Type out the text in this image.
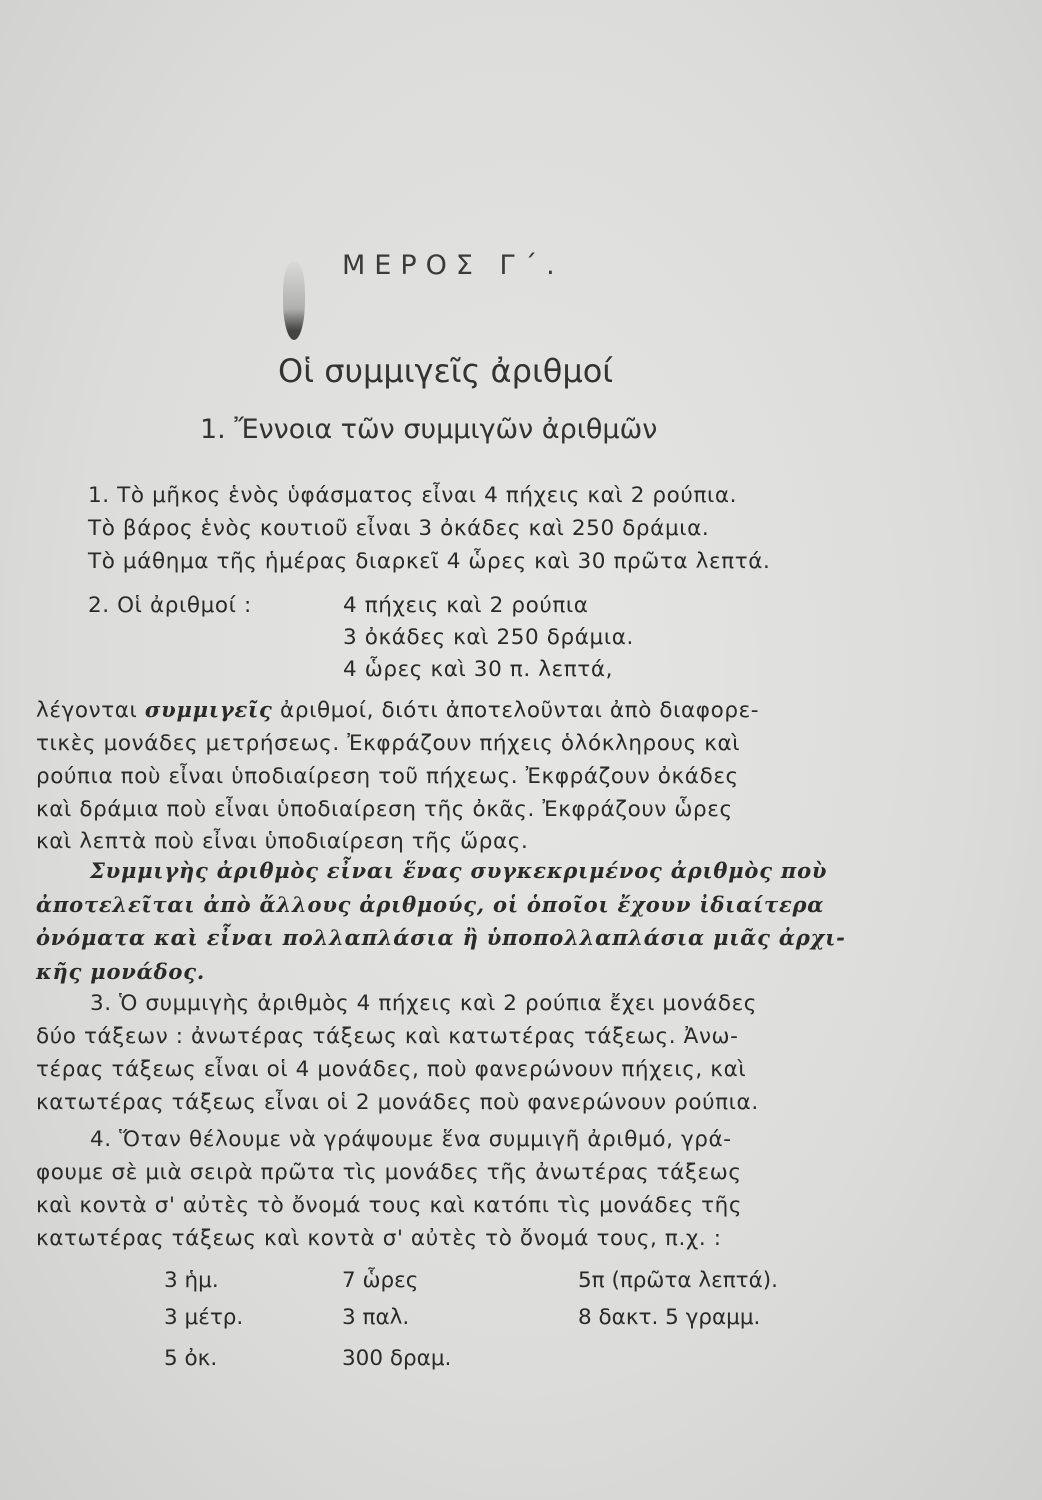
ΜΕΡΟΣ Γ΄.
Οἱ συμμιγεῖς ἀριθμοί
1. Ἔννοια τῶν συμμιγῶν ἀριθμῶν
1. Τὸ μῆκος ἑνὸς ὑφάσματος εἶναι 4 πήχεις καὶ 2 ρούπια.
Τὸ βάρος ἑνὸς κουτιοῦ εἶναι 3 ὀκάδες καὶ 250 δράμια.
Τὸ μάθημα τῆς ἡμέρας διαρκεῖ 4 ὧρες καὶ 30 πρῶτα λεπτά.
2. Οἱ ἀριθμοί :	4 πήχεις καὶ 2 ρούπια
3 ὀκάδες καὶ 250 δράμια.
4 ὧρες καὶ 30 π. λεπτά,
λέγονται συμμιγεῖς ἀριθμοί, διότι ἀποτελοῦνται ἀπὸ διαφορε-
τικὲς μονάδες μετρήσεως. Ἐκφράζουν πήχεις ὁλόκληρους καὶ
ρούπια ποὺ εἶναι ὑποδιαίρεση τοῦ πήχεως. Ἐκφράζουν ὀκάδες
καὶ δράμια ποὺ εἶναι ὑποδιαίρεση τῆς ὀκᾶς. Ἐκφράζουν ὧρες
καὶ λεπτὰ ποὺ εἶναι ὑποδιαίρεση τῆς ὥρας.
Συμμιγὴς ἀριθμὸς εἶναι ἕνας συγκεκριμένος ἀριθμὸς ποὺ
ἀποτελεῖται ἀπὸ ἄλλους ἀριθμούς, οἱ ὁποῖοι ἔχουν ἰδιαίτερα
ὀνόματα καὶ εἶναι πολλαπλάσια ἢ ὑποπολλαπλάσια μιᾶς ἀρχι-
κῆς μονάδος.
3. Ὁ συμμιγὴς ἀριθμὸς 4 πήχεις καὶ 2 ρούπια ἔχει μονάδες
δύο τάξεων : ἀνωτέρας τάξεως καὶ κατωτέρας τάξεως. Ἀνω-
τέρας τάξεως εἶναι οἱ 4 μονάδες, ποὺ φανερώνουν πήχεις, καὶ
κατωτέρας τάξεως εἶναι οἱ 2 μονάδες ποὺ φανερώνουν ρούπια.
4. Ὅταν θέλουμε νὰ γράψουμε ἕνα συμμιγῆ ἀριθμό, γρά-
φουμε σὲ μιὰ σειρὰ πρῶτα τὶς μονάδες τῆς ἀνωτέρας τάξεως
καὶ κοντὰ σ' αὐτὲς τὸ ὄνομά τους καὶ κατόπι τὶς μονάδες τῆς
κατωτέρας τάξεως καὶ κοντὰ σ' αὐτὲς τὸ ὄνομά τους, π.χ. :
3 ἡμ.
3 μέτρ.
5 ὀκ.
7 ὧρες
3 παλ.
300 δραμ.
5π (πρῶτα λεπτά).
8 δακτ. 5 γραμμ.
